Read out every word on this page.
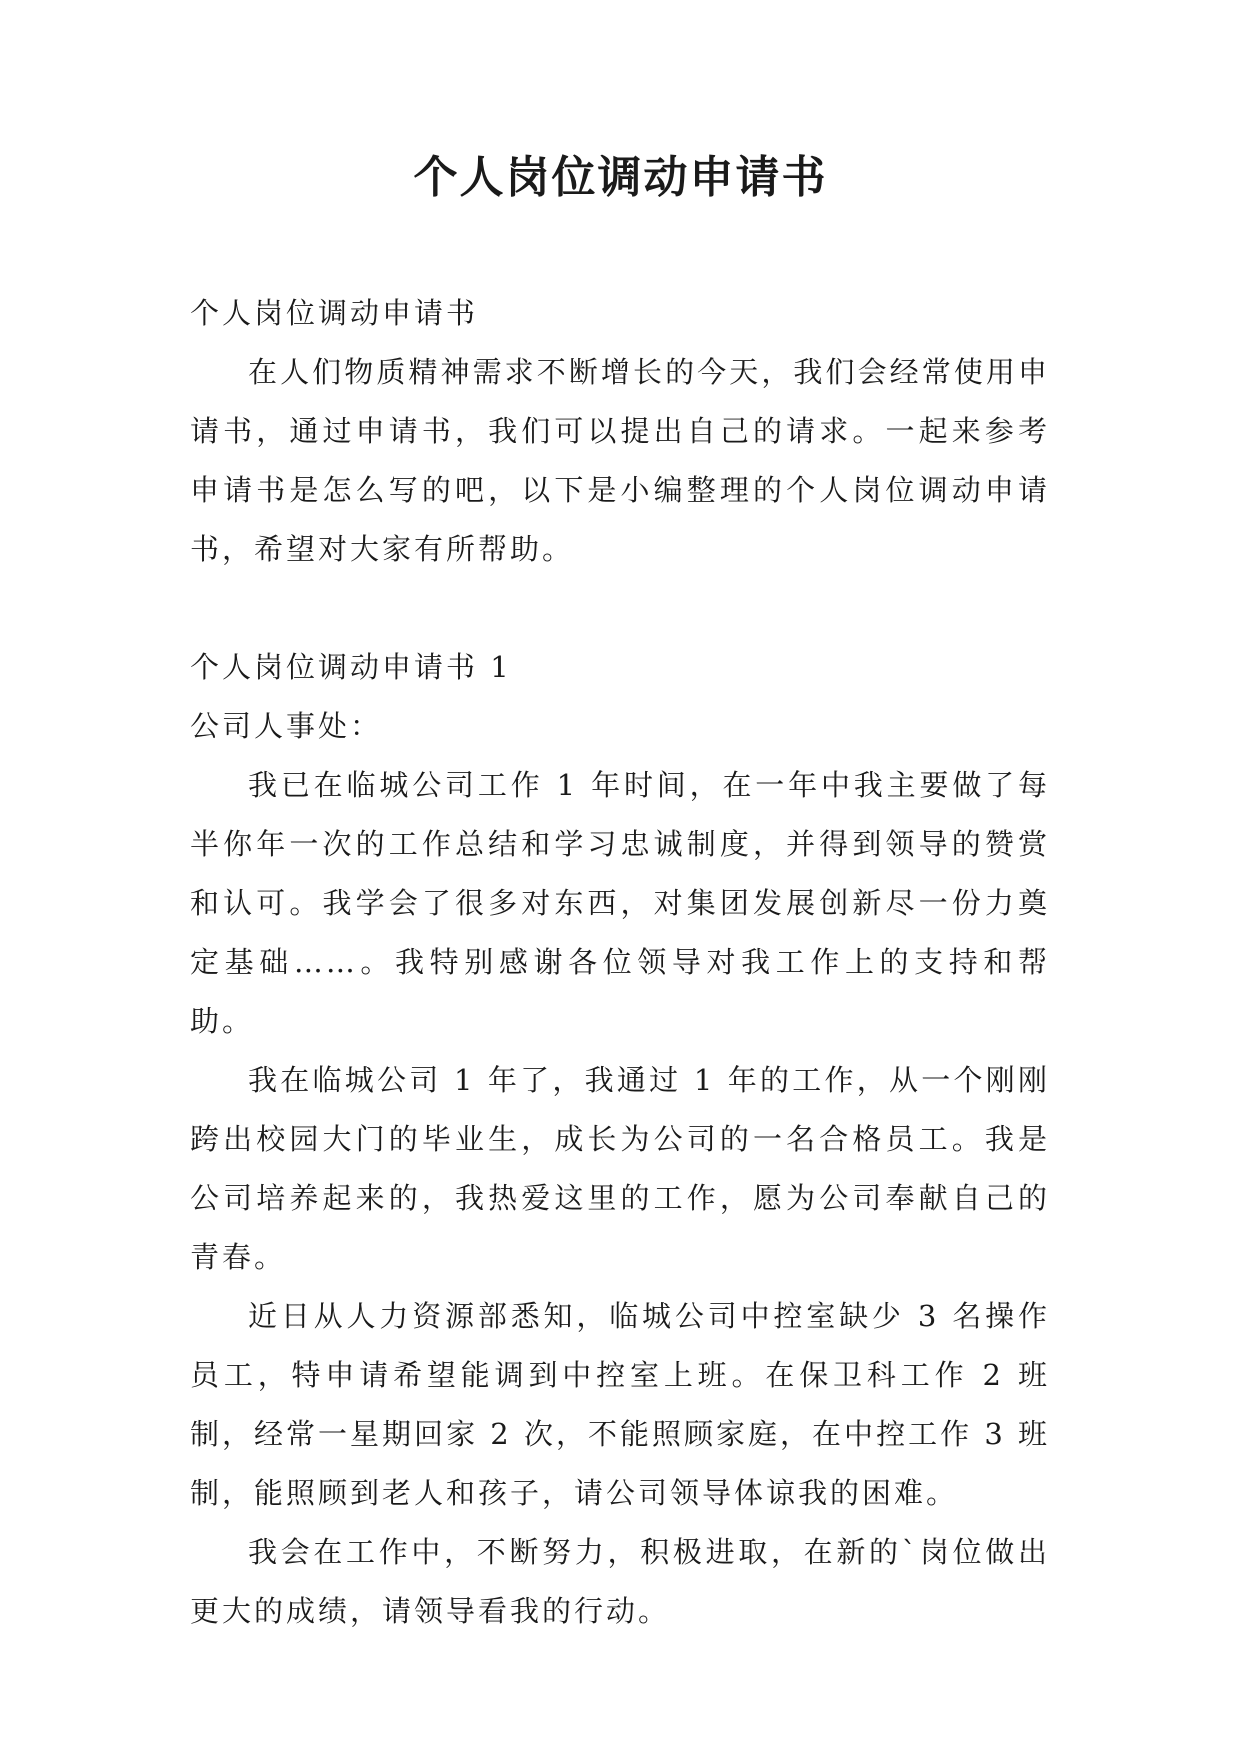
个人岗位调动申请书

个人岗位调动申请书

在人们物质精神需求不断增长的今天，我们会经常使用申请书，通过申请书，我们可以提出自己的请求。一起来参考申请书是怎么写的吧，以下是小编整理的个人岗位调动申请书，希望对大家有所帮助。

个人岗位调动申请书 1

公司人事处：

我已在临城公司工作 1 年时间，在一年中我主要做了每半你年一次的工作总结和学习忠诚制度，并得到领导的赞赏和认可。我学会了很多对东西，对集团发展创新尽一份力奠定基础……。我特别感谢各位领导对我工作上的支持和帮助。

我在临城公司 1 年了，我通过 1 年的工作，从一个刚刚跨出校园大门的毕业生，成长为公司的一名合格员工。我是公司培养起来的，我热爱这里的工作，愿为公司奉献自己的青春。

近日从人力资源部悉知，临城公司中控室缺少 3 名操作员工，特申请希望能调到中控室上班。在保卫科工作 2 班制，经常一星期回家 2 次，不能照顾家庭，在中控工作 3 班制，能照顾到老人和孩子，请公司领导体谅我的困难。

我会在工作中，不断努力，积极进取，在新的`岗位做出更大的成绩，请领导看我的行动。
